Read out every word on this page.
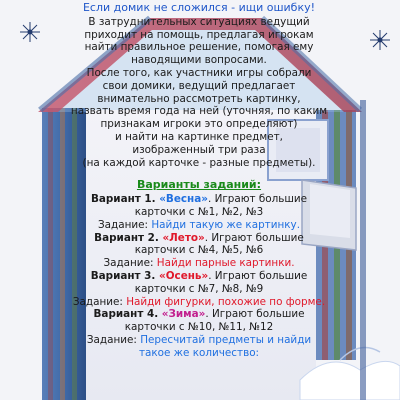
Если домик не сложился - ищи ошибку!
В затруднительных ситуациях ведущий
приходит на помощь, предлагая игрокам
найти правильное решение, помогая ему
наводящими вопросами.
После того, как участники игры собрали
свои домики, ведущий предлагает
внимательно рассмотреть картинку,
назвать время года на ней (уточняя, по каким
признакам игроки это определяют)
и найти на картинке предмет,
изображенный три раза
(на каждой карточке - разные предметы).
Варианты заданий:
Вариант 1. «Весна». Играют большие
карточки с №1, №2, №3
Задание: Найди такую же картинку.
Вариант 2. «Лето». Играют большие
карточки с №4, №5, №6
Задание: Найди парные картинки.
Вариант 3. «Осень». Играют большие
карточки с №7, №8, №9
Задание: Найди фигурки, похожие по форме.
Вариант 4. «Зима». Играют большие
карточки с №10, №11, №12
Задание: Пересчитай предметы и найди
такое же количество:
